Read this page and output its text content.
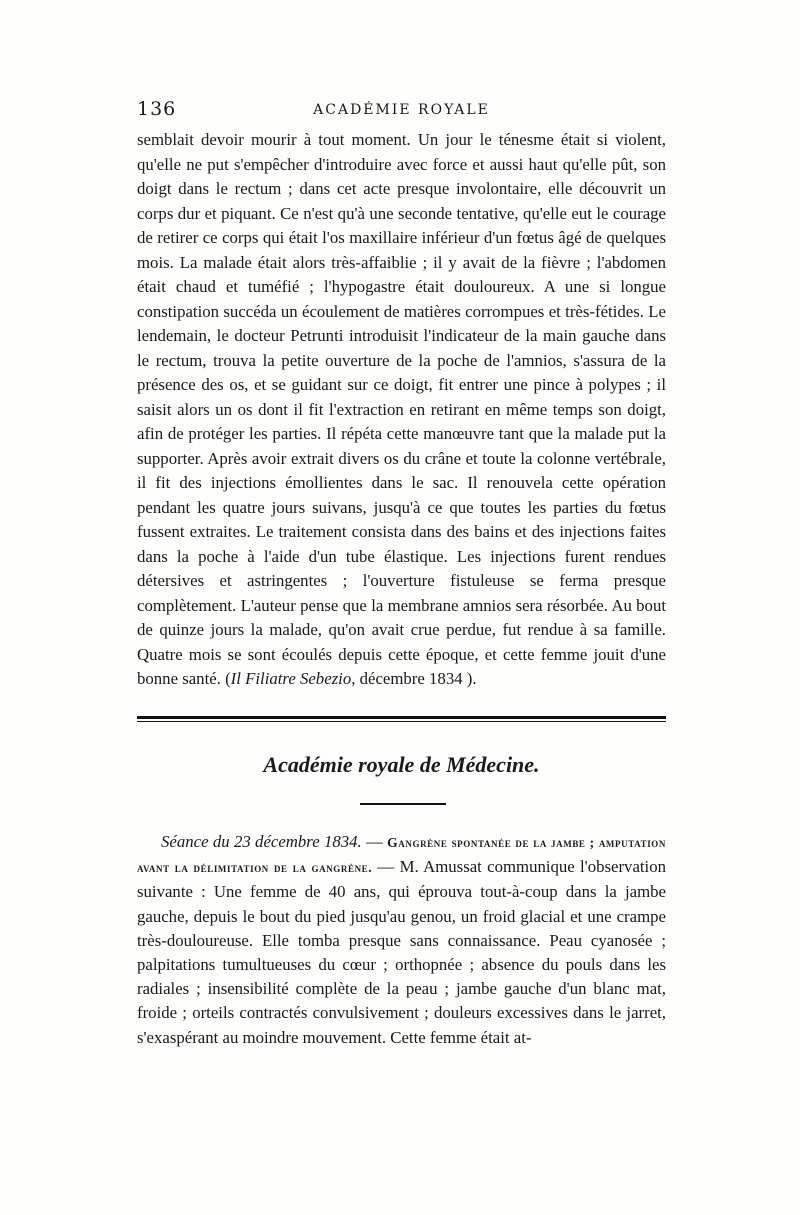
136	ACADÉMIE ROYALE

semblait devoir mourir à tout moment. Un jour le ténesme était si violent, qu'elle ne put s'empêcher d'introduire avec force et aussi haut qu'elle pût, son doigt dans le rectum ; dans cet acte presque involontaire, elle découvrit un corps dur et piquant. Ce n'est qu'à une seconde tentative, qu'elle eut le courage de retirer ce corps qui était l'os maxillaire inférieur d'un fœtus âgé de quelques mois. La malade était alors très-affaiblie ; il y avait de la fièvre ; l'abdomen était chaud et tuméfié ; l'hypogastre était douloureux. A une si longue constipation succéda un écoulement de matières corrompues et très-fétides. Le lendemain, le docteur Petrunti introduisit l'indicateur de la main gauche dans le rectum, trouva la petite ouverture de la poche de l'amnios, s'assura de la présence des os, et se guidant sur ce doigt, fit entrer une pince à polypes ; il saisit alors un os dont il fit l'extraction en retirant en même temps son doigt, afin de protéger les parties. Il répéta cette manœuvre tant que la malade put la supporter. Après avoir extrait divers os du crâne et toute la colonne vertébrale, il fit des injections émollientes dans le sac. Il renouvela cette opération pendant les quatre jours suivans, jusqu'à ce que toutes les parties du fœtus fussent extraites. Le traitement consista dans des bains et des injections faites dans la poche à l'aide d'un tube élastique. Les injections furent rendues détersives et astringentes ; l'ouverture fistuleuse se ferma presque complètement. L'auteur pense que la membrane amnios sera résorbée. Au bout de quinze jours la malade, qu'on avait crue perdue, fut rendue à sa famille. Quatre mois se sont écoulés depuis cette époque, et cette femme jouit d'une bonne santé. (Il Filiatre Sebezio, décembre 1834 ).

Académie royale de Médecine.
Séance du 23 décembre 1834. — Gangrène spontanée de la jambe ; amputation avant la délimitation de la gangrène. — M. Amussat communique l'observation suivante : Une femme de 40 ans, qui éprouva tout-à-coup dans la jambe gauche, depuis le bout du pied jusqu'au genou, un froid glacial et une crampe très-douloureuse. Elle tomba presque sans connaissance. Peau cyanosée ; palpitations tumultueuses du cœur ; orthopnée ; absence du pouls dans les radiales ; insensibilité complète de la peau ; jambe gauche d'un blanc mat, froide ; orteils contractés convulsivement ; douleurs excessives dans le jarret, s'exaspérant au moindre mouvement. Cette femme était at-
